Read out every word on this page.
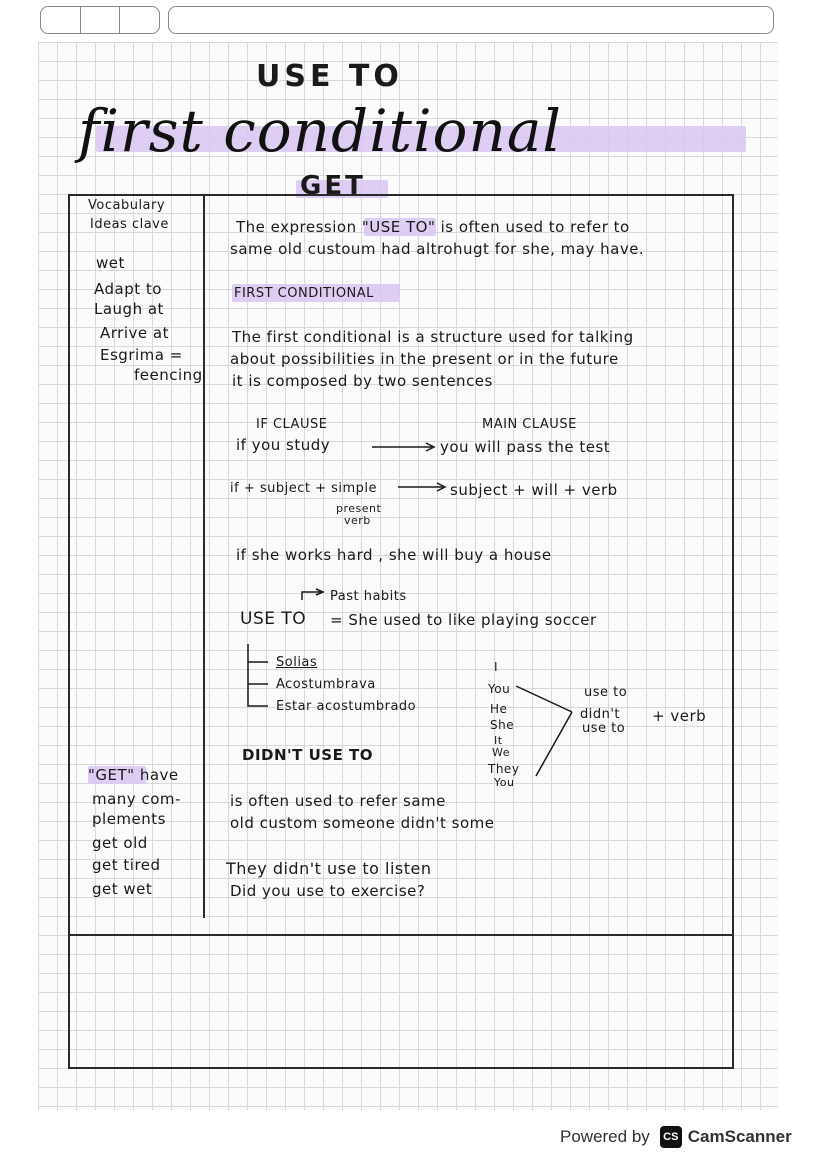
USE TO
first conditional
GET
Vocabulary
Ideas clave
wet
Adapt to
Laugh at
Arrive at
Esgrima =
feencing
"GET" have
many com-
plements
get old
get tired
get wet
The expression "USE TO" is often used to refer to
same old custoum had altrohugt for she, may have.
FIRST CONDITIONAL
The first conditional is a structure used for talking
about possibilities in the present or in the future
it is composed by two sentences
IF CLAUSE	MAIN CLAUSE
if you study	you will pass the test
if + subject + simple	subject + will + verb
present
verb
if she works hard , she will buy a house
Past habits
USE TO = She used to like playing soccer
Solias
Acostumbrava
Estar acostumbrado
I
You
He
She
It
We
They
You
use to
didn't
use to
+ verb
DIDN'T USE TO
is often used to refer same
old custom someone didn't some
They didn't use to listen
Did you use to exercise?
Powered by	CS CamScanner
